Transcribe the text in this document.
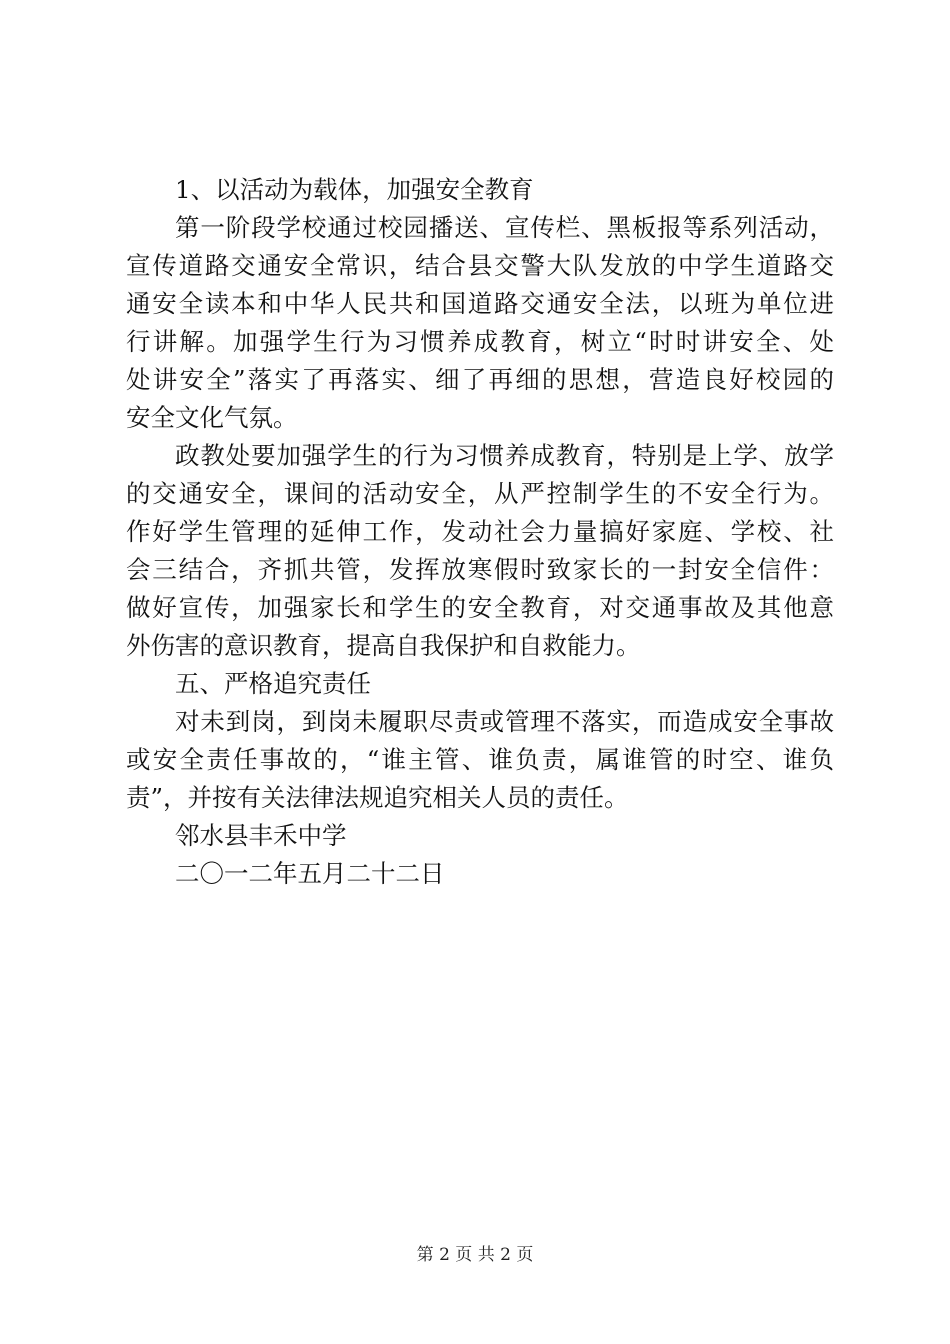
1、以活动为载体，加强安全教育
第一阶段学校通过校园播送、宣传栏、黑板报等系列活动，
宣传道路交通安全常识，结合县交警大队发放的中学生道路交
通安全读本和中华人民共和国道路交通安全法，以班为单位进
行讲解。加强学生行为习惯养成教育，树立“时时讲安全、处
处讲安全”落实了再落实、细了再细的思想，营造良好校园的
安全文化气氛。
政教处要加强学生的行为习惯养成教育，特别是上学、放学
的交通安全，课间的活动安全，从严控制学生的不安全行为。
作好学生管理的延伸工作，发动社会力量搞好家庭、学校、社
会三结合，齐抓共管，发挥放寒假时致家长的一封安全信件：
做好宣传，加强家长和学生的安全教育，对交通事故及其他意
外伤害的意识教育，提高自我保护和自救能力。
五、严格追究责任
对未到岗，到岗未履职尽责或管理不落实，而造成安全事故
或安全责任事故的，“谁主管、谁负责，属谁管的时空、谁负
责”，并按有关法律法规追究相关人员的责任。
邻水县丰禾中学
二〇一二年五月二十二日
第 2 页 共 2 页
